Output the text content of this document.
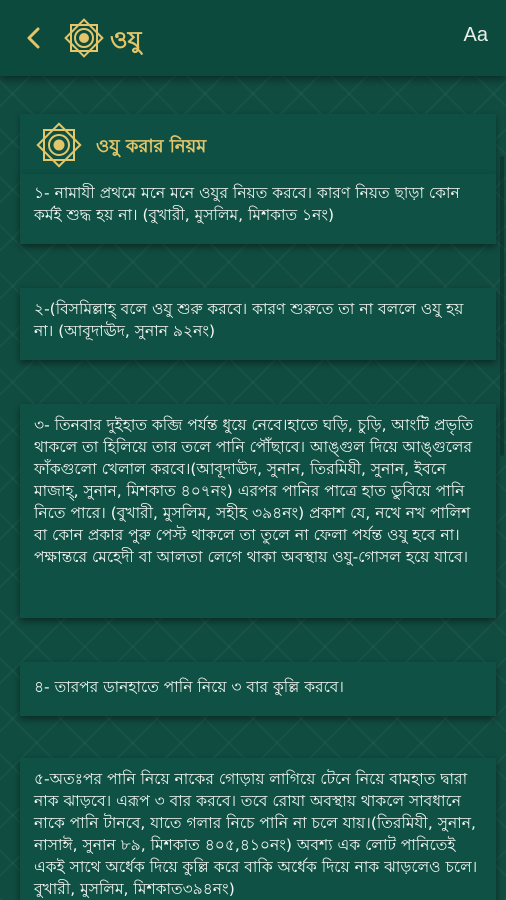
ওযু	Aa
ওযু করার নিয়ম
১- নামাযী প্রথমে মনে মনে ওযুর নিয়ত করবে। কারণ নিয়ত ছাড়া কোন কর্মই শুদ্ধ হয় না। (বুখারী, মুসলিম, মিশকাত ১নং)
২-(বিসমিল্লাহ্‌ বলে ওযু শুরু করবে। কারণ শুরুতে তা না বললে ওযু হয় না। (আবূদাঊদ, সুনান ৯২নং)
৩- তিনবার দুইহাত কব্জি পর্যন্ত ধুয়ে নেবে।হাতে ঘড়ি, চুড়ি, আংটি প্রভৃতি থাকলে তা হিলিয়ে তার তলে পানি পৌঁছাবে। আঙ্গুল দিয়ে আঙ্গুলের ফাঁকগুলো খেলাল করবে।(আবূদাঊদ, সুনান, তিরমিযী, সুনান, ইবনে মাজাহ্‌, সুনান, মিশকাত ৪০৭নং) এরপর পানির পাত্রে হাত ডুবিয়ে পানি নিতে পারে। (বুখারী, মুসলিম, সহীহ ৩৯৪নং) প্রকাশ যে, নখে নখ পালিশ বা কোন প্রকার পুরু পেস্ট থাকলে তা তুলে না ফেলা পর্যন্ত ওযু হবে না। পক্ষান্তরে মেহেদী বা আলতা লেগে থাকা অবস্থায় ওযু-গোসল হয়ে যাবে।
৪- তারপর ডানহাতে পানি নিয়ে ৩ বার কুল্লি করবে।
৫-অতঃপর পানি নিয়ে নাকের গোড়ায় লাগিয়ে টেনে নিয়ে বামহাত দ্বারা নাক ঝাড়বে। এরূপ ৩ বার করবে। তবে রোযা অবস্থায় থাকলে সাবধানে নাকে পানি টানবে, যাতে গলার নিচে পানি না চলে যায়।(তিরমিযী, সুনান, নাসাঈ, সুনান ৮৯, মিশকাত ৪০৫,৪১০নং) অবশ্য এক লোট পানিতেই একই সাথে অর্ধেক দিয়ে কুল্লি করে বাকি অর্ধেক দিয়ে নাক ঝাড়লেও চলে।বুখারী, মুসলিম, মিশকাত৩৯৪নং)
